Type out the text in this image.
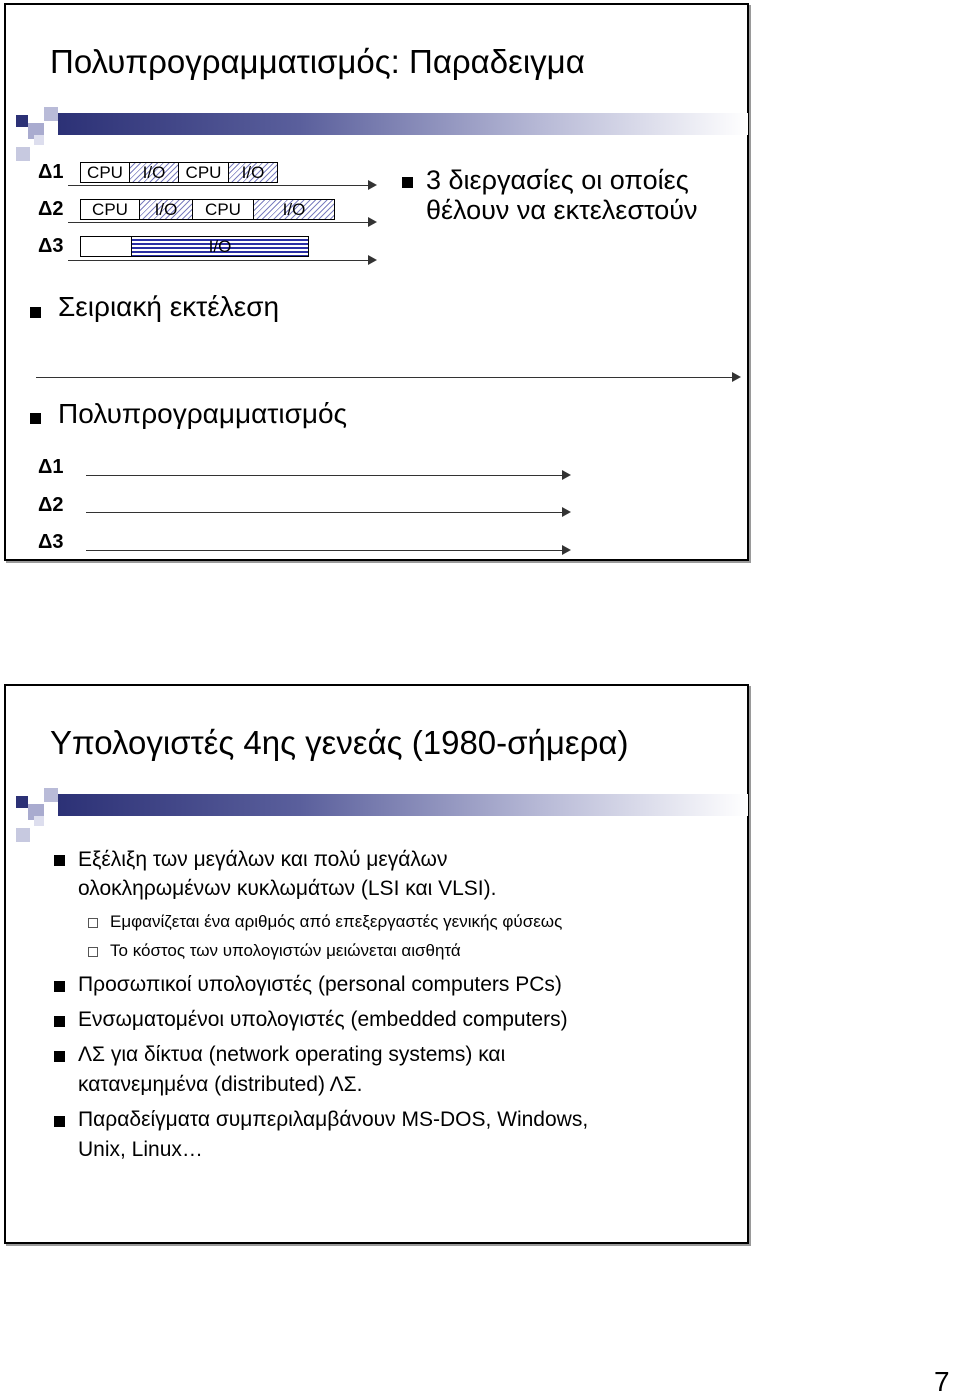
Πολυπρογραμματισμός: Παραδειγμα
Δ1
Δ2
Δ3
CPU	I/O	CPU	I/O
CPU	I/O	CPU	I/O
CPU	I/O
3 διεργασίες οι οποίες
θέλουν να εκτελεστούν
Σειριακή εκτέλεση
Πολυπρογραμματισμός
Δ1
Δ2
Δ3
Υπολογιστές 4ης γενεάς (1980-σήμερα)
Εξέλιξη των μεγάλων και πολύ μεγάλων
ολοκληρωμένων κυκλωμάτων (LSI και VLSI).
Εμφανίζεται ένα αριθμός από επεξεργαστές γενικής φύσεως
Το κόστος των υπολογιστών μειώνεται αισθητά
Προσωπικοί υπολογιστές (personal computers PCs)
Ενσωματομένοι υπολογιστές (embedded computers)
ΛΣ για δίκτυα (network operating systems) και
κατανεμημένα (distributed) ΛΣ.
Παραδείγματα συμπεριλαμβάνουν MS-DOS, Windows,
Unix, Linux…
7
